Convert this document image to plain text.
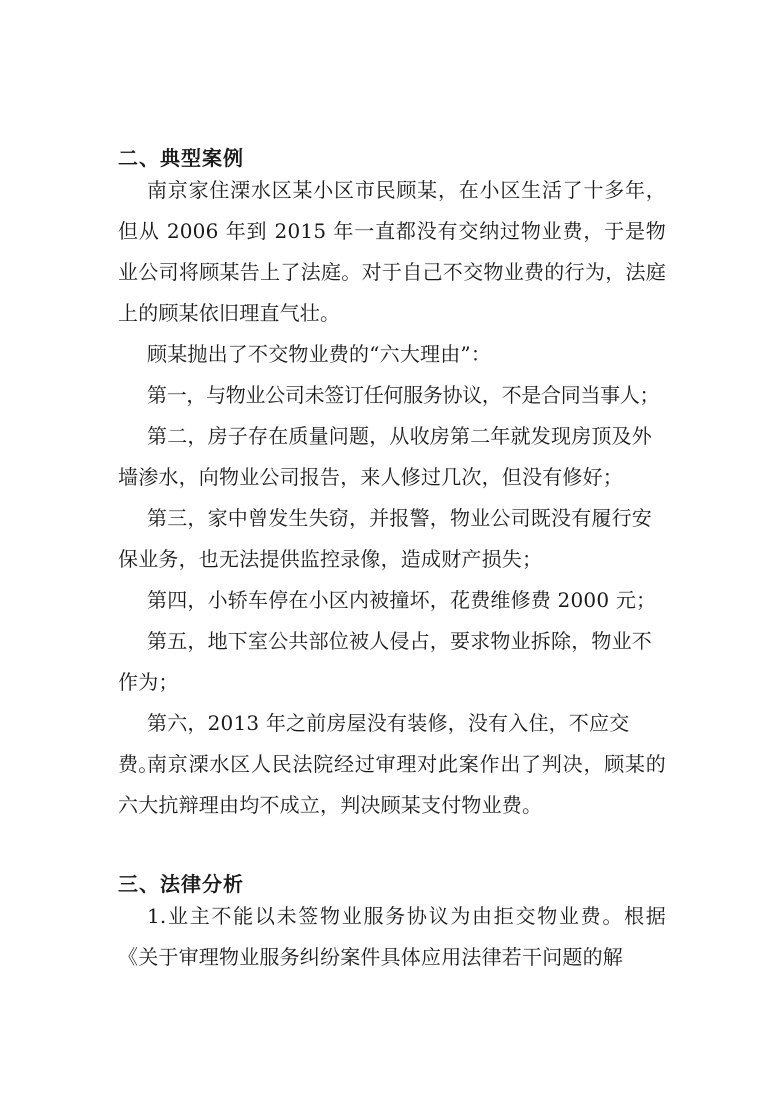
二、典型案例
南京家住溧水区某小区市民顾某，在小区生活了十多年，但从 2006 年到 2015 年一直都没有交纳过物业费，于是物业公司将顾某告上了法庭。对于自己不交物业费的行为，法庭上的顾某依旧理直气壮。
顾某抛出了不交物业费的“六大理由”：
第一，与物业公司未签订任何服务协议，不是合同当事人；
第二，房子存在质量问题，从收房第二年就发现房顶及外墙渗水，向物业公司报告，来人修过几次，但没有修好；
第三，家中曾发生失窃，并报警，物业公司既没有履行安保业务，也无法提供监控录像，造成财产损失；
第四，小轿车停在小区内被撞坏，花费维修费 2000 元；
第五，地下室公共部位被人侵占，要求物业拆除，物业不作为；
第六，2013 年之前房屋没有装修，没有入住，不应交费。
南京溧水区人民法院经过审理对此案作出了判决，顾某的六大抗辩理由均不成立，判决顾某支付物业费。
三、法律分析
1.业主不能以未签物业服务协议为由拒交物业费。根据《关于审理物业服务纠纷案件具体应用法律若干问题的解
